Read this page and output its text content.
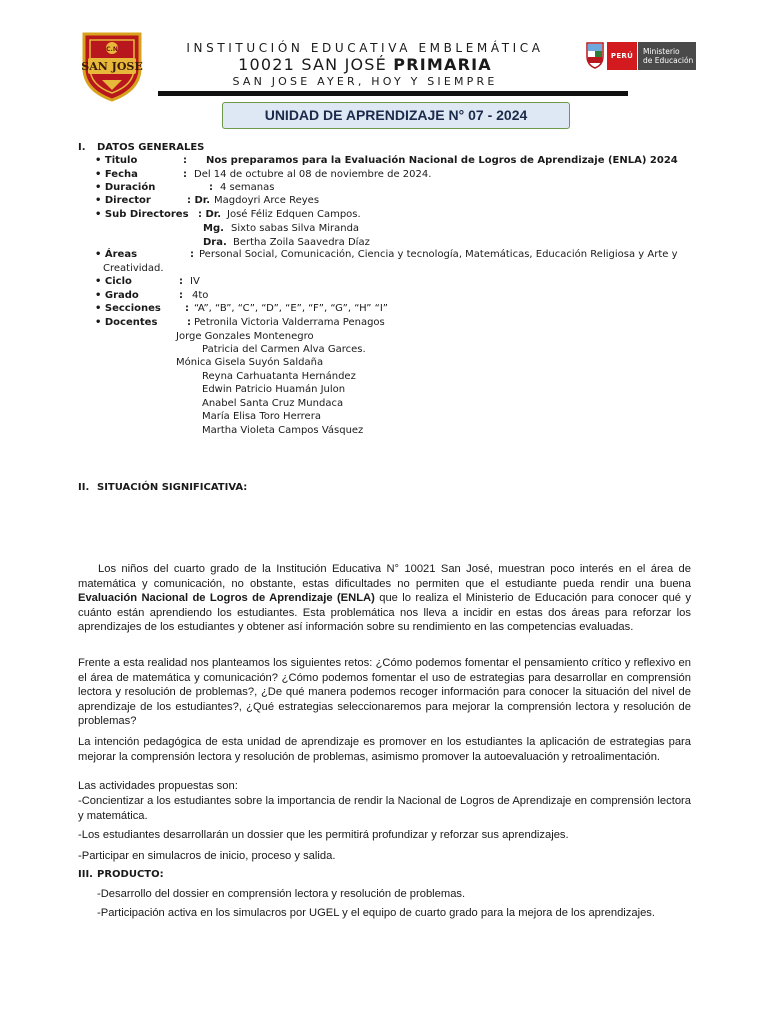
SAN JOSE
C.N	INSTITUCIÓN EDUCATIVA EMBLEMÁTICA
10021 SAN JOSÉ PRIMARIA
SAN JOSE AYER, HOY Y SIEMPRE
PERÚ	Ministerio
de Educación
UNIDAD DE APRENDIZAJE N° 07 - 2024
I. DATOS GENERALES
• Titulo	: Nos preparamos para la Evaluación Nacional de Logros de Aprendizaje (ENLA) 2024
• Fecha	: Del 14 de octubre al 08 de noviembre de 2024.
• Duración	: 4 semanas
• Director	: Dr. Magdoyri Arce Reyes
• Sub Directores : Dr. José Féliz Edquen Campos.
Mg. Sixto sabas Silva Miranda
Dra. Bertha Zoila Saavedra Díaz
• Áreas	: Personal Social, Comunicación, Ciencia y tecnología, Matemáticas, Educación Religiosa y Arte y
Creatividad.
• Ciclo	: IV
• Grado	: 4to
• Secciones : “A”, “B”, “C”, “D”, “E”, “F”, “G”, “H” “I”
• Docentes	: Petronila Victoria Valderrama Penagos
Jorge Gonzales Montenegro
Patricia del Carmen Alva Garces.
Mónica Gisela Suyón Saldaña
Reyna Carhuatanta Hernández
Edwin Patricio Huamán Julon
Anabel Santa Cruz Mundaca
María Elisa Toro Herrera
Martha Violeta Campos Vásquez
II. SITUACIÓN SIGNIFICATIVA:
Los niños del cuarto grado de la Institución Educativa N° 10021 San José, muestran poco interés en el área de matemática y comunicación, no obstante, estas dificultades no permiten que el estudiante pueda rendir una buena Evaluación Nacional de Logros de Aprendizaje (ENLA) que lo realiza el Ministerio de Educación para conocer qué y cuánto están aprendiendo los estudiantes. Esta problemática nos lleva a incidir en estas dos áreas para reforzar los aprendizajes de los estudiantes y obtener así información sobre su rendimiento en las competencias evaluadas.
Frente a esta realidad nos planteamos los siguientes retos: ¿Cómo podemos fomentar el pensamiento crítico y reflexivo en el área de matemática y comunicación? ¿Cómo podemos fomentar el uso de estrategias para desarrollar en comprensión lectora y resolución de problemas?, ¿De qué manera podemos recoger información para conocer la situación del nivel de aprendizaje de los estudiantes?, ¿Qué estrategias seleccionaremos para mejorar la comprensión lectora y resolución de problemas?
La intención pedagógica de esta unidad de aprendizaje es promover en los estudiantes la aplicación de estrategias para mejorar la comprensión lectora y resolución de problemas, asimismo promover la autoevaluación y retroalimentación.
Las actividades propuestas son:
-Concientizar a los estudiantes sobre la importancia de rendir la Nacional de Logros de Aprendizaje en comprensión lectora y matemática.
-Los estudiantes desarrollarán un dossier que les permitirá profundizar y reforzar sus aprendizajes.
-Participar en simulacros de inicio, proceso y salida.
III. PRODUCTO:
-Desarrollo del dossier en comprensión lectora y resolución de problemas.
-Participación activa en los simulacros por UGEL y el equipo de cuarto grado para la mejora de los aprendizajes.
